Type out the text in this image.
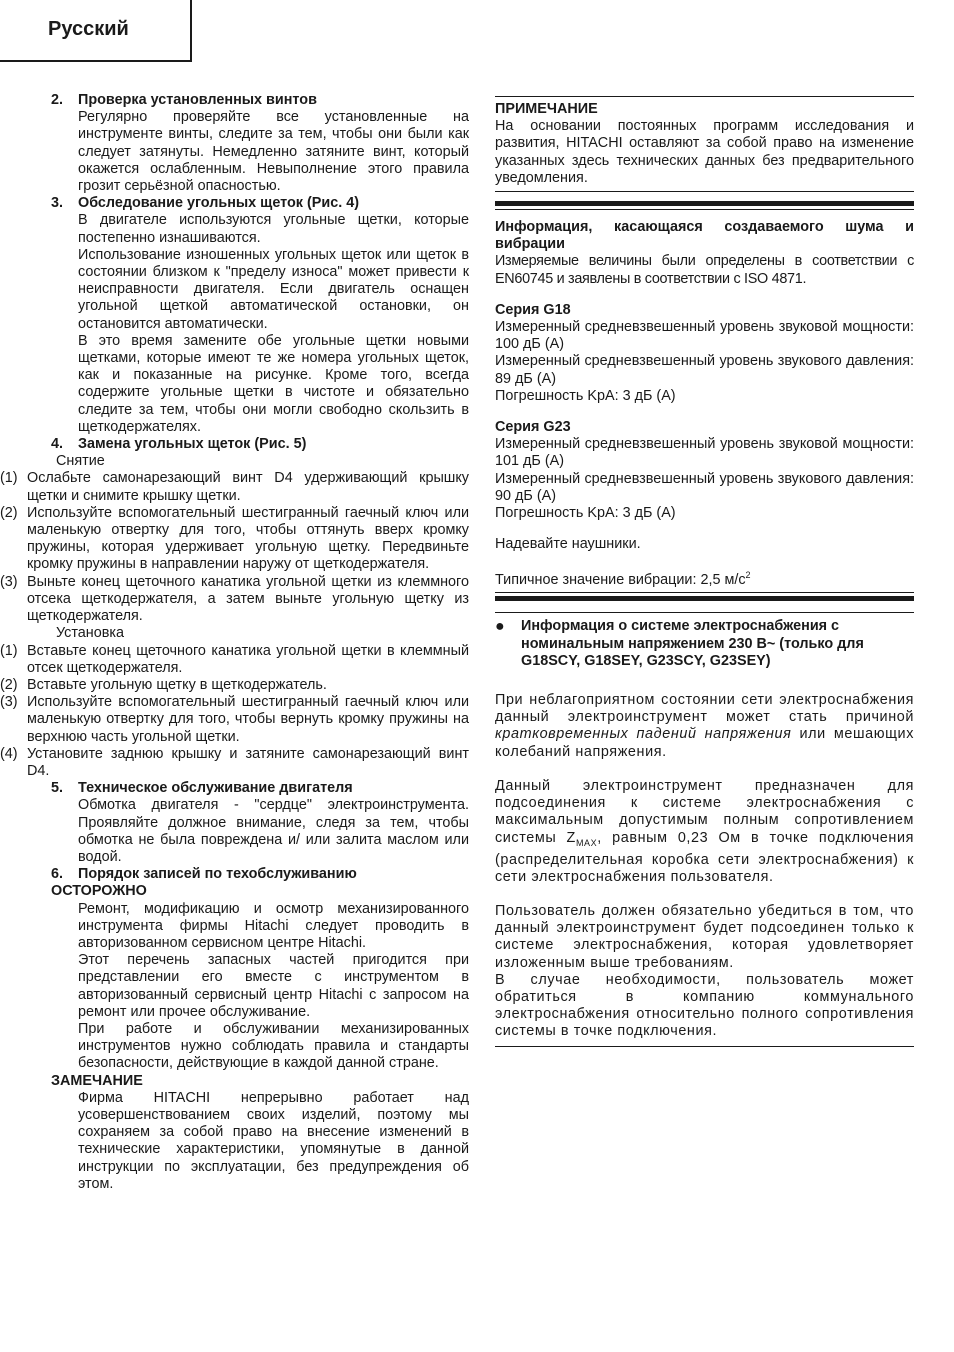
Русский
2.	Проверка установленных винтов
Регулярно проверяйте все установленные на инструменте винты, следите за тем, чтобы они были как следует затянуты. Немедленно затяните винт, который окажется ослабленным. Невыполнение этого правила грозит серьёзной опасностью.
3.	Обследование угольных щеток (Рис. 4)
В двигателе используются угольные щетки, которые постепенно изнашиваются.
Использование изношенных угольных щеток или щеток в состоянии близком к "пределу износа" может привести к неисправности двигателя. Если двигатель оснащен угольной щеткой автоматической остановки, он остановится автоматически.
В это время замените обе угольные щетки новыми щетками, которые имеют те же номера угольных щеток, как и показанные на рисунке. Кроме того, всегда содержите угольные щетки в чистоте и обязательно следите за тем, чтобы они могли свободно скользить в щеткодержателях.
4.	Замена угольных щеток (Рис. 5)
Снятие
(1) Ослабьте самонарезающий винт D4 удерживающий крышку щетки и снимите крышку щетки.
(2) Используйте вспомогательный шестигранный гаечный ключ или маленькую отвертку для того, чтобы оттянуть вверх кромку пружины, которая удерживает угольную щетку. Передвиньте кромку пружины в направлении наружу от щеткодержателя.
(3) Выньте конец щеточного канатика угольной щетки из клеммного отсека щеткодержателя, а затем выньте угольную щетку из щеткодержателя.
Установка
(1) Вставьте конец щеточного канатика угольной щетки в клеммный отсек щеткодержателя.
(2) Вставьте угольную щетку в щеткодержатель.
(3) Используйте вспомогательный шестигранный гаечный ключ или маленькую отвертку для того, чтобы вернуть кромку пружины на верхнюю часть угольной щетки.
(4) Установите заднюю крышку и затяните самонарезающий винт D4.
5.	Техническое обслуживание двигателя
Обмотка двигателя - "сердце" электроинструмента. Проявляйте должное внимание, следя за тем, чтобы обмотка не была повреждена и/ или залита маслом или водой.
6.	Порядок записей по техобслуживанию
ОСТОРОЖНО
Ремонт, модификацию и осмотр механизированного инструмента фирмы Hitachi следует проводить в авторизованном сервисном центре Hitachi.
Этот перечень запасных частей пригодится при представлении его вместе с инструментом в авторизованный сервисный центр Hitachi с запросом на ремонт или прочее обслуживание.
При работе и обслуживании механизированных инструментов нужно соблюдать правила и стандарты безопасности, действующие в каждой данной стране.
ЗАМЕЧАНИЕ
Фирма HITACHI непрерывно работает над усовершенствованием своих изделий, поэтому мы сохраняем за собой право на внесение изменений в технические характеристики, упомянутые в данной инструкции по эксплуатации, без предупреждения об этом.
ПРИМЕЧАНИЕ
На основании постоянных программ исследования и развития, HITACHI оставляют за собой право на изменение указанных здесь технических данных без предварительного уведомления.
Информация, касающаяся создаваемого шума и вибрации
Измеряемые величины были определены в соответствии с EN60745 и заявлены в соответствии с ISO 4871.
Серия G18
Измеренный средневзвешенный уровень звуковой мощности: 100 дБ (А)
Измеренный средневзвешенный уровень звукового давления: 89 дБ (А)
Погрешность KpA: 3 дБ (А)
Серия G23
Измеренный средневзвешенный уровень звуковой мощности: 101 дБ (А)
Измеренный средневзвешенный уровень звукового давления: 90 дБ (А)
Погрешность KpA: 3 дБ (А)
Надевайте наушники.
Типичное значение вибрации: 2,5 $м/с^2$
●	Информация о системе электроснабжения с номинальным напряжением 230 В~ (только для G18SCY, G18SEY, G23SCY, G23SEY)
При неблагоприятном состоянии сети электроснабжения данный электроинструмент может стать причиной кратковременных падений напряжения или мешающих колебаний напряжения.
Данный электроинструмент предназначен для подсоединения к системе электроснабжения с максимальным допустимым полным сопротивлением системы $Z_{MAX}$, равным 0,23 Ом в точке подключения (распределительная коробка сети электроснабжения) к сети электроснабжения пользователя.
Пользователь должен обязательно убедиться в том, что данный электроинструмент будет подсоединен только к системе электроснабжения, которая удовлетворяет изложенным выше требованиям.
В случае необходимости, пользователь может обратиться в компанию коммунального электроснабжения относительно полного сопротивления системы в точке подключения.
